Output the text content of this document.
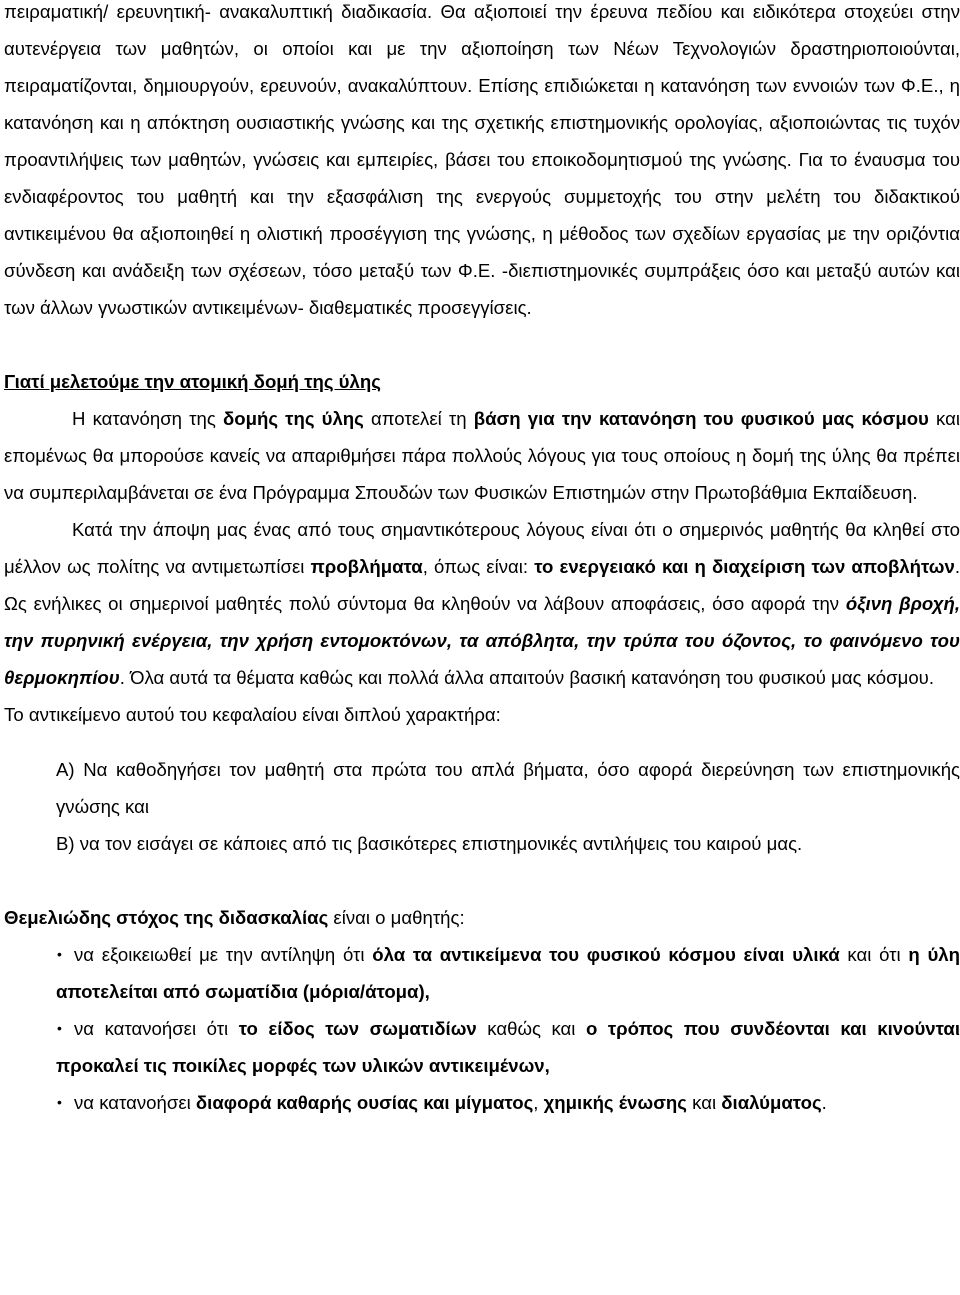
πειραματική/ ερευνητική- ανακαλυπτική διαδικασία. Θα αξιοποιεί την έρευνα πεδίου και ειδικότερα στοχεύει στην αυτενέργεια των μαθητών, οι οποίοι και με την αξιοποίηση των Νέων Τεχνολογιών δραστηριοποιούνται, πειραματίζονται, δημιουργούν, ερευνούν, ανακαλύπτουν. Επίσης επιδιώκεται η κατανόηση των εννοιών των Φ.Ε., η κατανόηση και η απόκτηση ουσιαστικής γνώσης και της σχετικής επιστημονικής ορολογίας, αξιοποιώντας τις τυχόν προαντιλήψεις των μαθητών, γνώσεις και εμπειρίες, βάσει του εποικοδομητισμού της γνώσης. Για το έναυσμα του ενδιαφέροντος του μαθητή και την εξασφάλιση της ενεργούς συμμετοχής του στην μελέτη του διδακτικού αντικειμένου θα αξιοποιηθεί η ολιστική προσέγγιση της γνώσης, η μέθοδος των σχεδίων εργασίας με την οριζόντια σύνδεση και ανάδειξη των σχέσεων, τόσο μεταξύ των Φ.Ε. -διεπιστημονικές συμπράξεις όσο και μεταξύ αυτών και των άλλων γνωστικών αντικειμένων- διαθεματικές προσεγγίσεις.

Γιατί μελετούμε την ατομική δομή της ύλης

Η κατανόηση της δομής της ύλης αποτελεί τη βάση για την κατανόηση του φυσικού μας κόσμου και επομένως θα μπορούσε κανείς να απαριθμήσει πάρα πολλούς λόγους για τους οποίους η δομή της ύλης θα πρέπει να συμπεριλαμβάνεται σε ένα Πρόγραμμα Σπουδών των Φυσικών Επιστημών στην Πρωτοβάθμια Εκπαίδευση.

Κατά την άποψη μας ένας από τους σημαντικότερους λόγους είναι ότι ο σημερινός μαθητής θα κληθεί στο μέλλον ως πολίτης να αντιμετωπίσει προβλήματα, όπως είναι: το ενεργειακό και η διαχείριση των αποβλήτων. Ως ενήλικες οι σημερινοί μαθητές πολύ σύντομα θα κληθούν να λάβουν αποφάσεις, όσο αφορά την όξινη βροχή, την πυρηνική ενέργεια, την χρήση εντομοκτόνων, τα απόβλητα, την τρύπα του όζοντος, το φαινόμενο του θερμοκηπίου. Όλα αυτά τα θέματα καθώς και πολλά άλλα απαιτούν βασική κατανόηση του φυσικού μας κόσμου.

Το αντικείμενο αυτού του κεφαλαίου είναι διπλού χαρακτήρα:

Α) Να καθοδηγήσει τον μαθητή στα πρώτα του απλά βήματα, όσο αφορά διερεύνηση των επιστημονικής γνώσης και

Β) να τον εισάγει σε κάποιες από τις βασικότερες επιστημονικές αντιλήψεις του καιρού μας.

Θεμελιώδης στόχος της διδασκαλίας είναι ο μαθητής:

• να εξοικειωθεί με την αντίληψη ότι όλα τα αντικείμενα του φυσικού κόσμου είναι υλικά και ότι η ύλη αποτελείται από σωματίδια (μόρια/άτομα),
• να κατανοήσει ότι το είδος των σωματιδίων καθώς και ο τρόπος που συνδέονται και κινούνται προκαλεί τις ποικίλες μορφές των υλικών αντικειμένων,
• να κατανοήσει διαφορά καθαρής ουσίας και μίγματος, χημικής ένωσης και διαλύματος.
